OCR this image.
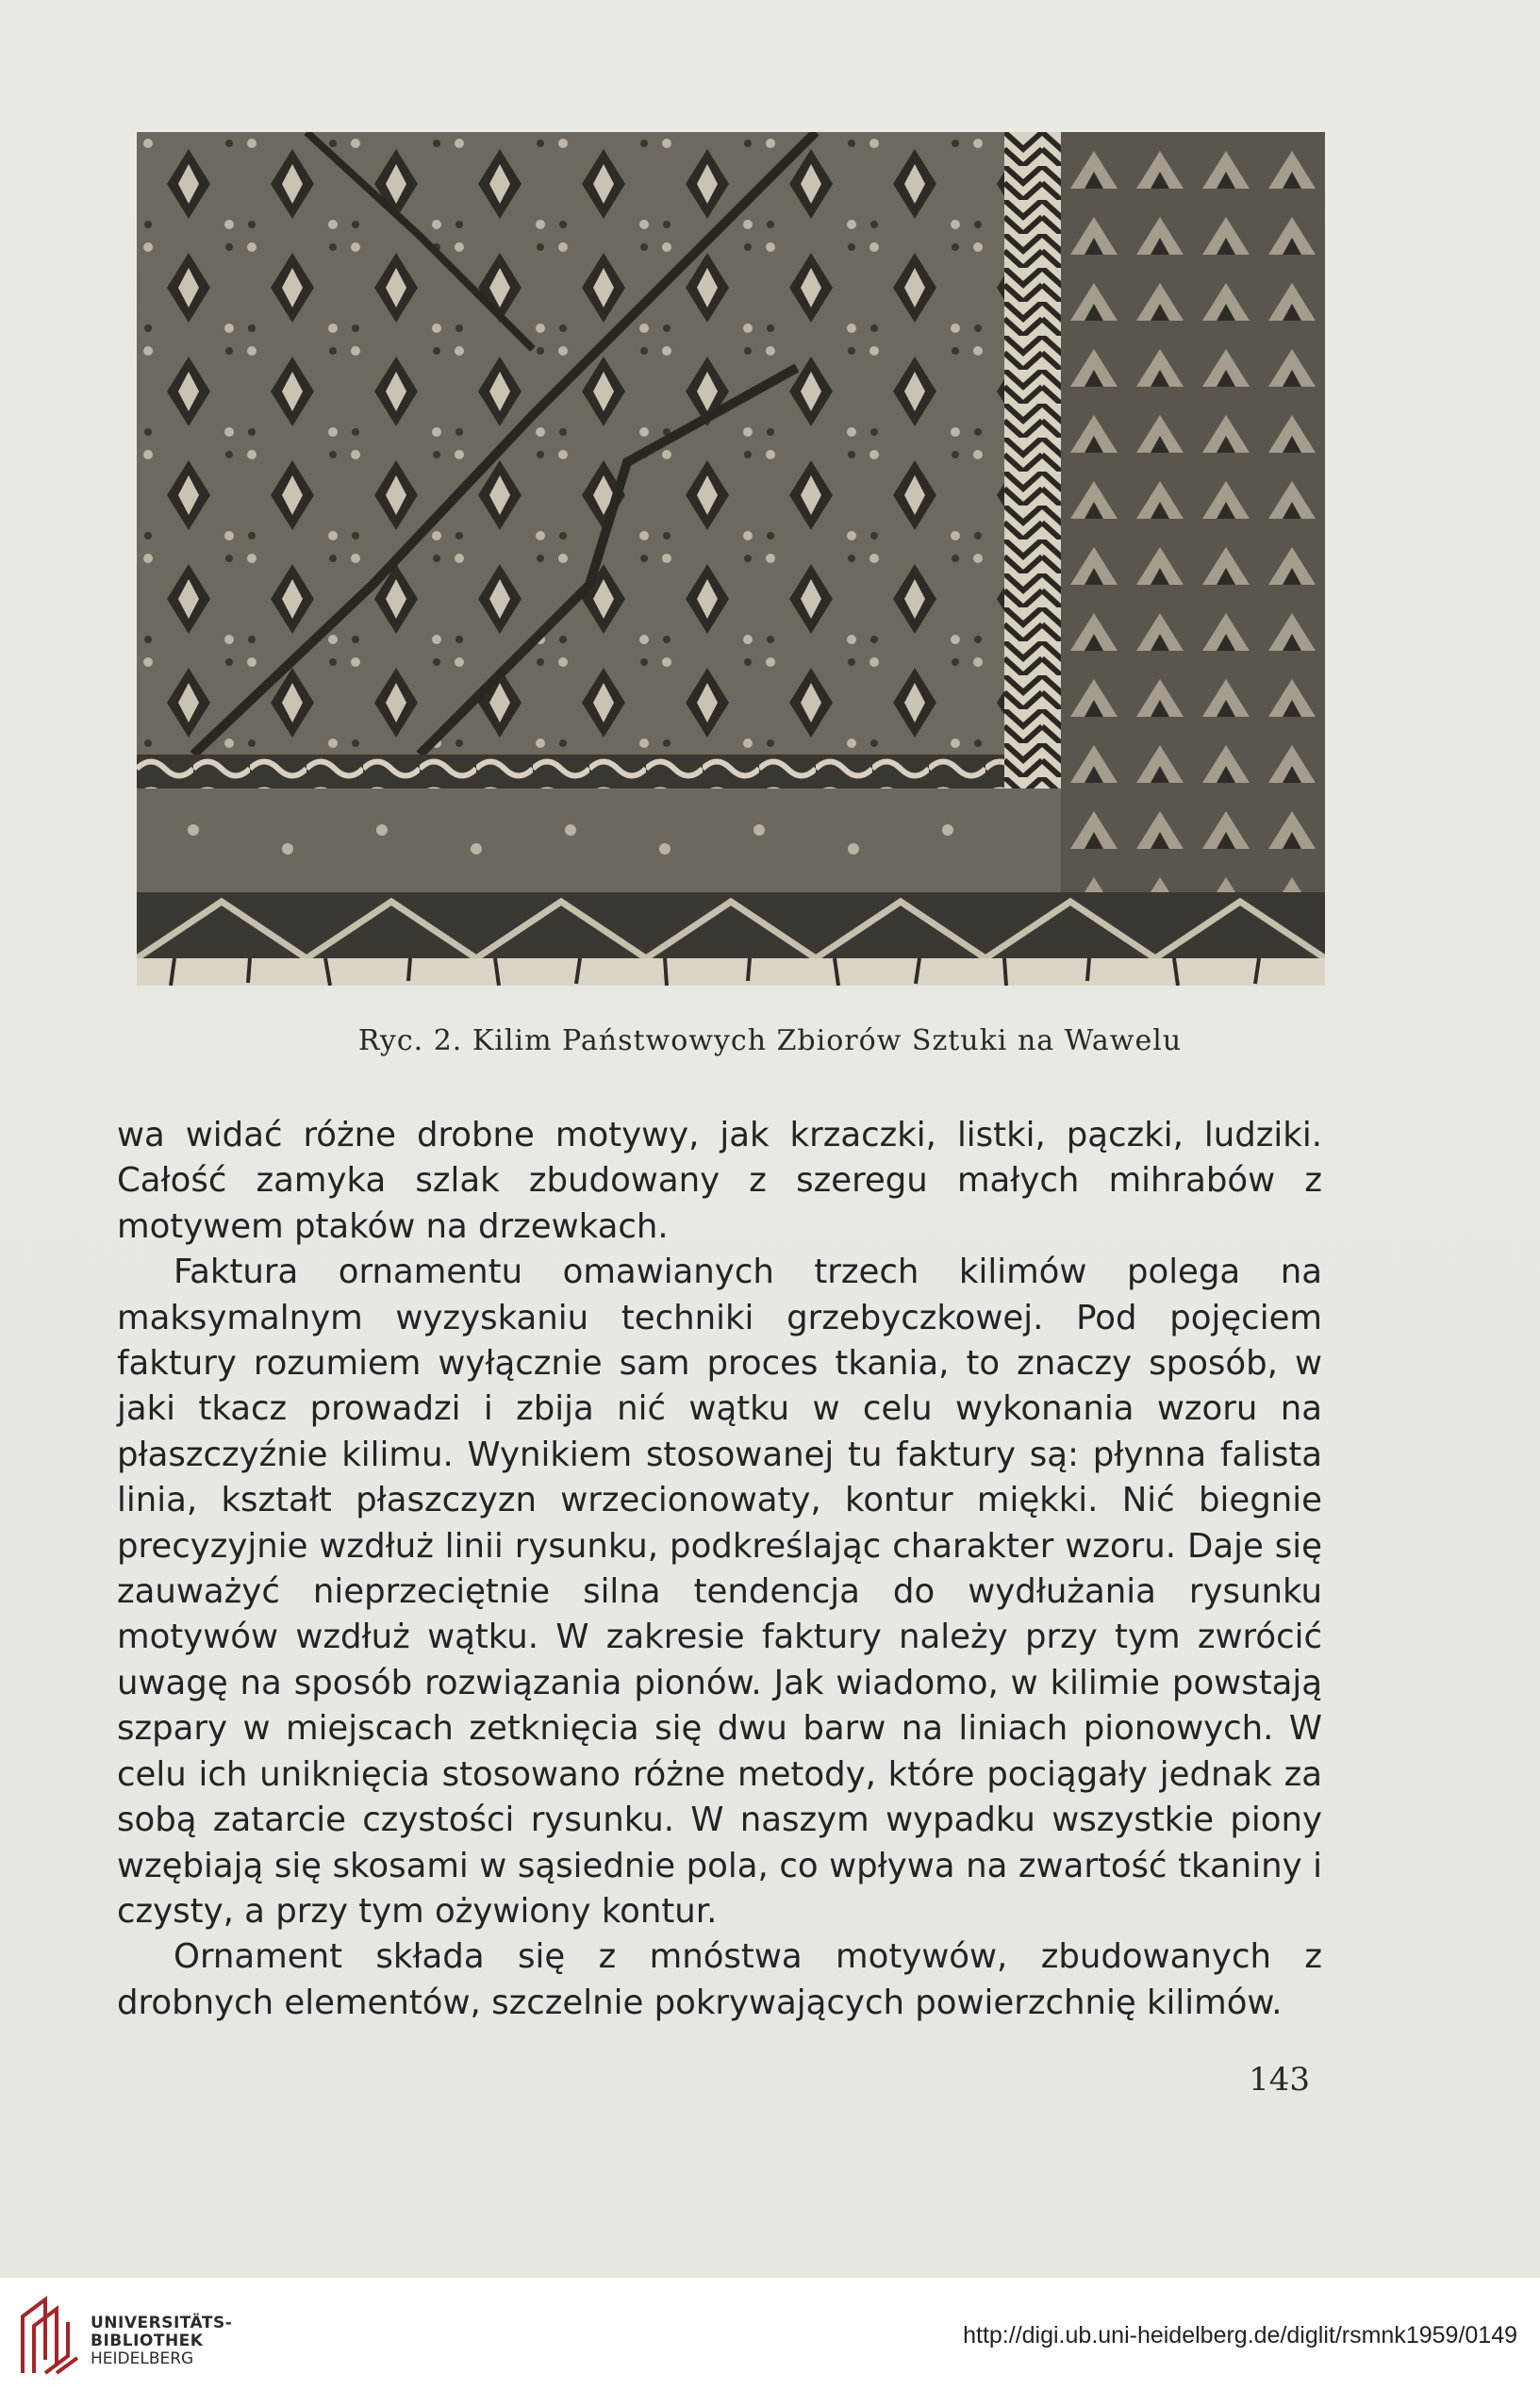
Ryc. 2. Kilim Państwowych Zbiorów Sztuki na Wawelu

wa widać różne drobne motywy, jak krzaczki, listki, pączki, ludziki. Całość zamyka szlak zbudowany z szeregu małych mihrabów z motywem ptaków na drzewkach.

Faktura ornamentu omawianych trzech kilimów polega na maksymalnym wyzyskaniu techniki grzebyczkowej. Pod pojęciem faktury rozumiem wyłącznie sam proces tkania, to znaczy sposób, w jaki tkacz prowadzi i zbija nić wątku w celu wykonania wzoru na płaszczyźnie kilimu. Wynikiem stosowanej tu faktury są: płynna falista linia, kształt płaszczyzn wrzecionowaty, kontur miękki. Nić biegnie precyzyjnie wzdłuż linii rysunku, podkreślając charakter wzoru. Daje się zauważyć nieprzeciętnie silna tendencja do wydłużania rysunku motywów wzdłuż wątku. W zakresie faktury należy przy tym zwrócić uwagę na sposób rozwiązania pionów. Jak wiadomo, w kilimie powstają szpary w miejscach zetknięcia się dwu barw na liniach pionowych. W celu ich uniknięcia stosowano różne metody, które pociągały jednak za sobą zatarcie czystości rysunku. W naszym wypadku wszystkie piony wzębiają się skosami w sąsiednie pola, co wpływa na zwartość tkaniny i czysty, a przy tym ożywiony kontur.

Ornament składa się z mnóstwa motywów, zbudowanych z drobnych elementów, szczelnie pokrywających powierzchnię kilimów.

143
UNIVERSITÄTS-
BIBLIOTHEK
HEIDELBERG
http://digi.ub.uni-heidelberg.de/diglit/rsmnk1959/0149
